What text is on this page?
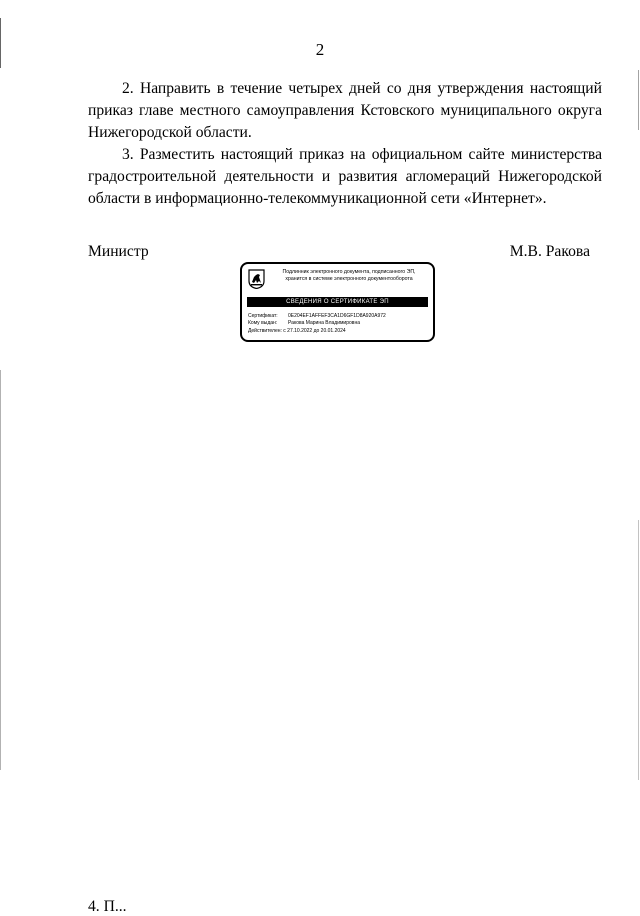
2

2. Направить в течение четырех дней со дня утверждения настоящий приказ главе местного самоуправления Кстовского муниципального округа Нижегородской области.

3. Разместить настоящий приказ на официальном сайте министерства градостроительной деятельности и развития агломераций Нижегородской области в информационно-телекоммуникационной сети «Интернет».

Министр	М.В. Ракова
Подлинник электронного документа, подписанного ЭП,
хранится в системе электронного документооборота
СВЕДЕНИЯ О СЕРТИФИКАТЕ ЭП
Сертификат: 0E204EF1AFFEF3CA1D6GF1D8A920A972
Кому выдан: Ракова Марина Владимировна
Действителен: с 27.10.2022 до 20.01.2024
4. П...
